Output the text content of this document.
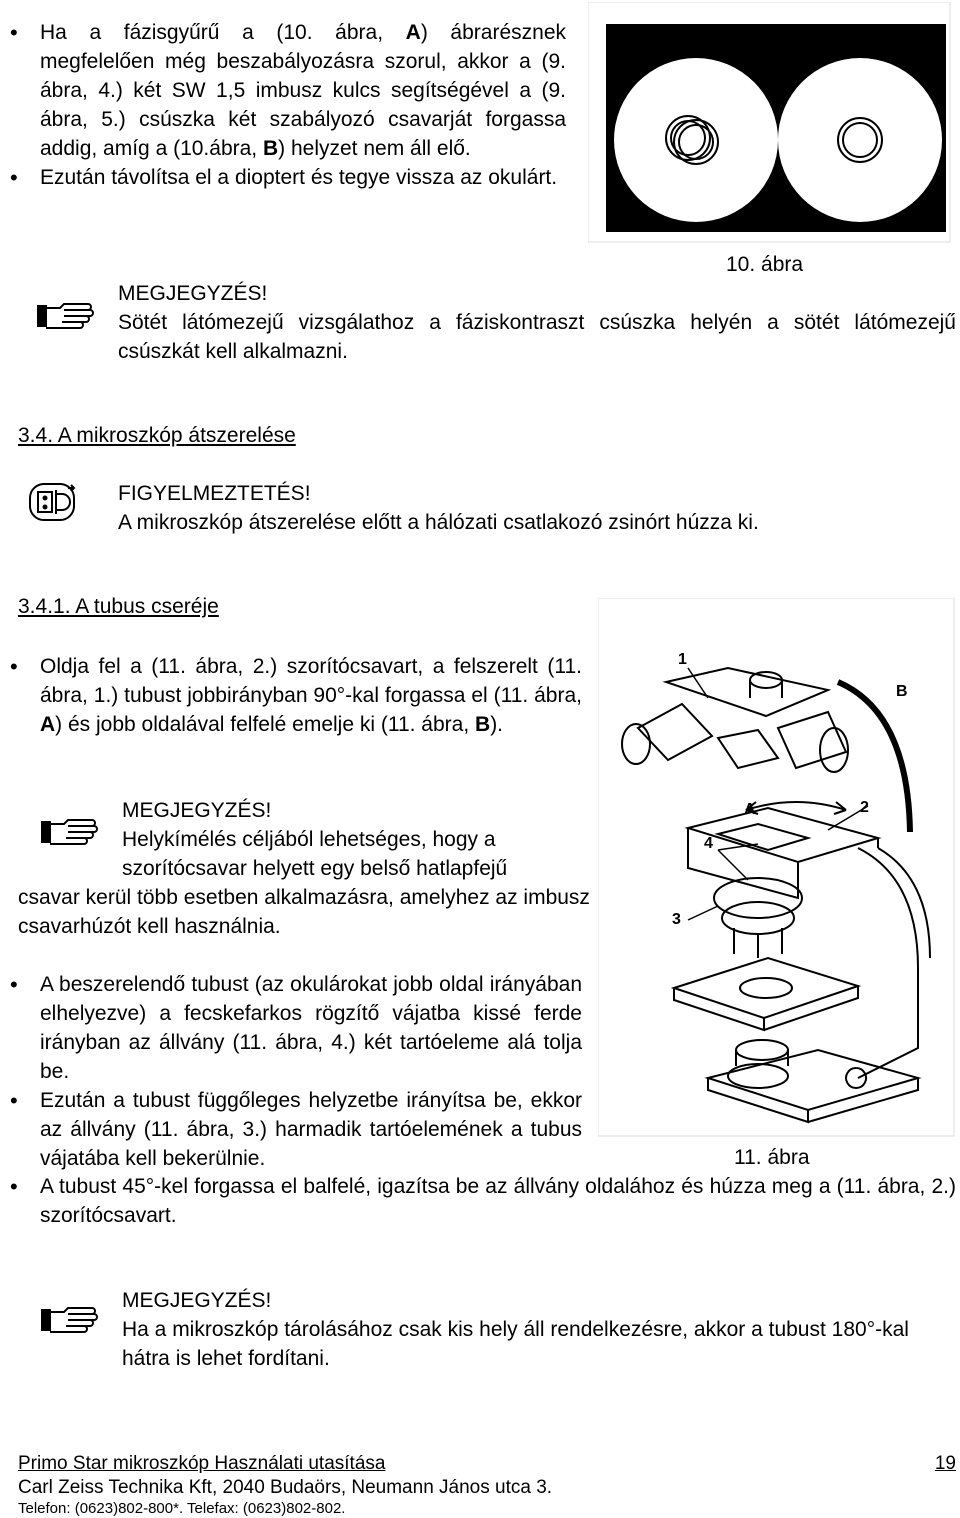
• Ha a fázisgyűrű a (10. ábra, A) ábrarésznek megfelelően még beszabályozásra szorul, akkor a (9. ábra, 4.) két SW 1,5 imbusz kulcs segítségével a (9. ábra, 5.) csúszka két szabályozó csavarját forgassa addig, amíg a (10.ábra, B) helyzet nem áll elő.
• Ezután távolítsa el a dioptert és tegye vissza az okulárt.
A	B
10. ábra
MEGJEGYZÉS!
Sötét látómezejű vizsgálathoz a fáziskontraszt csúszka helyén a sötét látómezejű csúszkát kell alkalmazni.
3.4. A mikroszkóp átszerelése
FIGYELMEZTETÉS!
A mikroszkóp átszerelése előtt a hálózati csatlakozó zsinórt húzza ki.
3.4.1. A tubus cseréje
• Oldja fel a (11. ábra, 2.) szorítócsavart, a felszerelt (11. ábra, 1.) tubust jobbirányban 90°-kal forgassa el (11. ábra, A) és jobb oldalával felfelé emelje ki (11. ábra, B).
MEGJEGYZÉS!
Helykímélés céljából lehetséges, hogy a
szorítócsavar helyett egy belső hatlapfejű
csavar kerül több esetben alkalmazásra, amelyhez az imbusz csavarhúzót kell használnia.
• A beszerelendő tubust (az okulárokat jobb oldal irányában elhelyezve) a fecskefarkos rögzítő vájatba kissé ferde irányban az állvány (11. ábra, 4.) két tartóeleme alá tolja be.
• Ezután a tubust függőleges helyzetbe irányítsa be, ekkor az állvány (11. ábra, 3.) harmadik tartóelemének a tubus vájatába kell bekerülnie.	11. ábra
• A tubust 45°-kel forgassa el balfelé, igazítsa be az állvány oldalához és húzza meg a (11. ábra, 2.) szorítócsavart.
1
B
A	2
4
3
MEGJEGYZÉS!
Ha a mikroszkóp tárolásához csak kis hely áll rendelkezésre, akkor a tubust 180°-kal hátra is lehet fordítani.
Primo Star mikroszkóp Használati utasítása	19
Carl Zeiss Technika Kft, 2040 Budaörs, Neumann János utca 3.
Telefon: (0623)802-800*. Telefax: (0623)802-802.
